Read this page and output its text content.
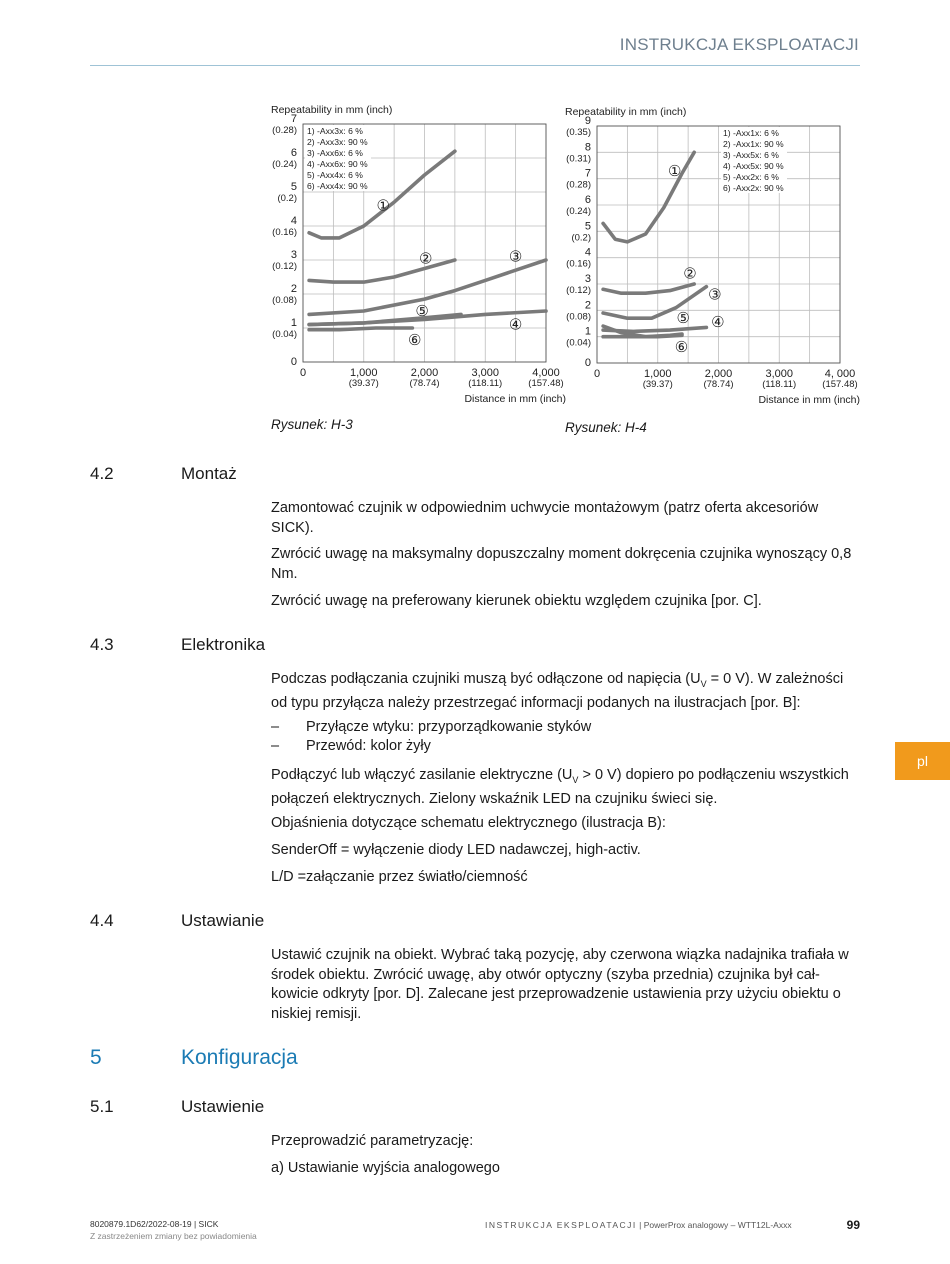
INSTRUKCJA EKSPLOATACJI
Repeatability in mm (inch)
0
1
(0.04)
2
(0.08)
3
(0.12)
4
(0.16)
5
(0.2)
6
(0.24)
7
(0.28)
0	1,000
(39.37)
2,000
(78.74)
3,000
(118.11)
4,000
(157.48)
Distance in mm (inch)
1) -Axx3x: 6 %
2) -Axx3x: 90 %
3) -Axx6x: 6 %
4) -Axx6x: 90 %
5) -Axx4x: 6 %
6) -Axx4x: 90 %
①
②	③
④
⑤
⑥
Repeatability in mm (inch)
0
1
(0.04)
2
(0.08)
3
(0.12)
4
(0.16)
5
(0.2)
6
(0.24)
7
(0.28)
8
(0.31)
9
(0.35)
0	1,000
(39.37)
2,000
(78.74)
3,000
(118.11)
4, 000
(157.48)
Distance in mm (inch)
1) -Axx1x: 6 %
2) -Axx1x: 90 %
3) -Axx5x: 6 %
4) -Axx5x: 90 %
5) -Axx2x: 6 %
6) -Axx2x: 90 %
①
②
③
④
⑤
⑥
Rysunek: H-3	Rysunek: H-4
4.2	Montaż

Zamontować czujnik w odpowiednim uchwycie montażowym (patrz oferta akcesoriów SICK).

Zwrócić uwagę na maksymalny dopuszczalny moment dokręcenia czujnika wynoszący 0,8 Nm.

Zwrócić uwagę na preferowany kierunek obiektu względem czujnika [por. C].

4.3	Elektronika

Podczas podłączania czujniki muszą być odłączone od napięcia ($U_V = 0$ V). W zależności od typu przyłącza należy przestrzegać informacji podanych na ilustracjach [por. B]:

– Przyłącze wtyku: przyporządkowanie styków
– Przewód: kolor żyły

Podłączyć lub włączyć zasilanie elektryczne ($U_V > 0$ V) dopiero po podłączeniu wszystkich połączeń elektrycznych. Zielony wskaźnik LED na czujniku świeci się.

Objaśnienia dotyczące schematu elektrycznego (ilustracja B):

SenderOff = wyłączenie diody LED nadawczej, high-activ.

L/D =załączanie przez światło/ciemność

4.4	Ustawianie

Ustawić czujnik na obiekt. Wybrać taką pozycję, aby czerwona wiązka nadajnika trafiała w środek obiektu. Zwrócić uwagę, aby otwór optyczny (szyba przednia) czujnika był całkowicie odkryty [por. D]. Zalecane jest przeprowadzenie ustawienia przy użyciu obiektu o niskiej remisji.

5	Konfiguracja
5.1	Ustawienie

Przeprowadzić parametryzację:

a) Ustawianie wyjścia analogowego

pl
8020879.1D62/2022-08-19 | SICK
Z zastrzeżeniem zmiany bez powiadomienia
INSTRUKCJA EKSPLOATACJI | PowerProx analogowy – WTT12L-Axxx	99
